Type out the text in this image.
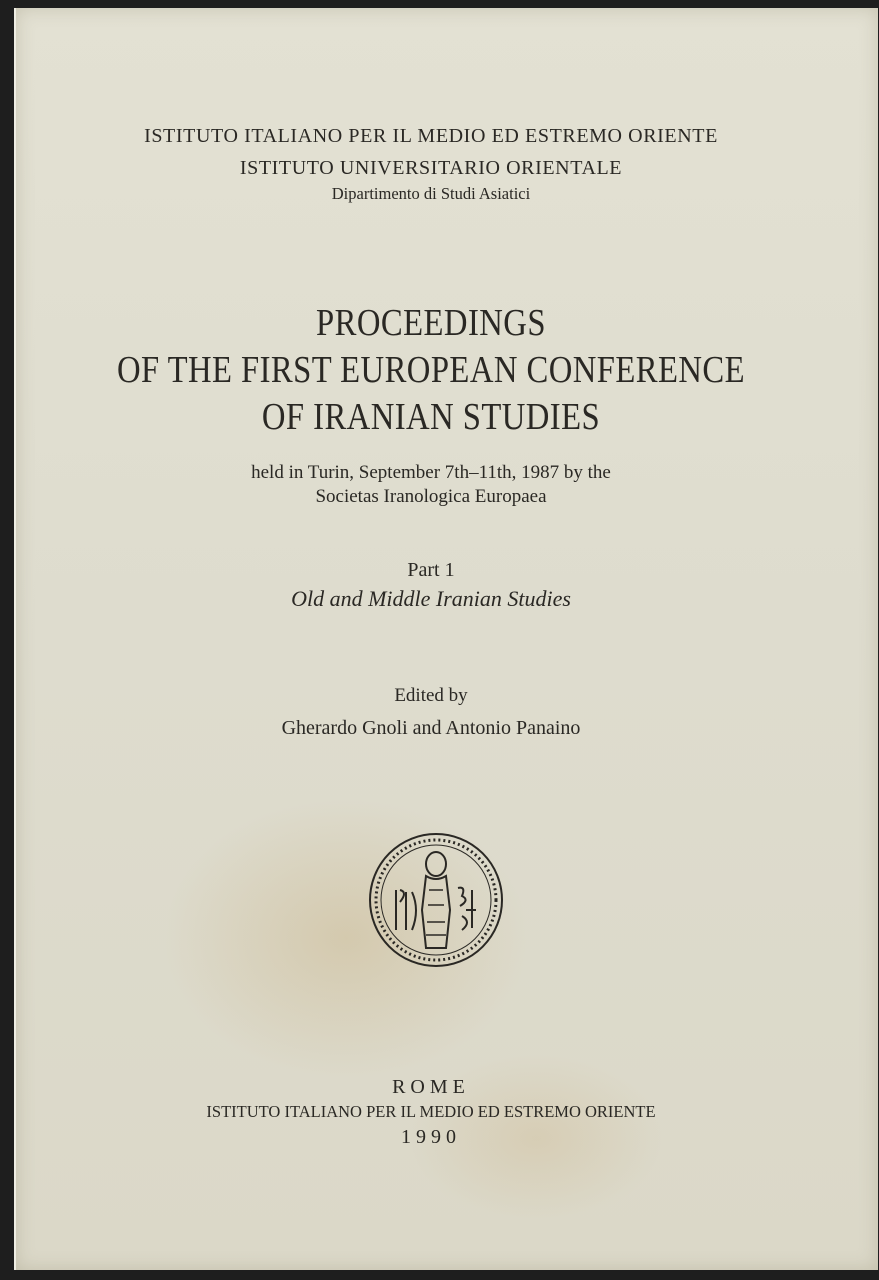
ISTITUTO ITALIANO PER IL MEDIO ED ESTREMO ORIENTE
ISTITUTO UNIVERSITARIO ORIENTALE
Dipartimento di Studi Asiatici
PROCEEDINGS
OF THE FIRST EUROPEAN CONFERENCE
OF IRANIAN STUDIES
held in Turin, September 7th–11th, 1987 by the
Societas Iranologica Europaea
Part 1
Old and Middle Iranian Studies
Edited by
Gherardo Gnoli and Antonio Panaino
ROME
ISTITUTO ITALIANO PER IL MEDIO ED ESTREMO ORIENTE
1990
